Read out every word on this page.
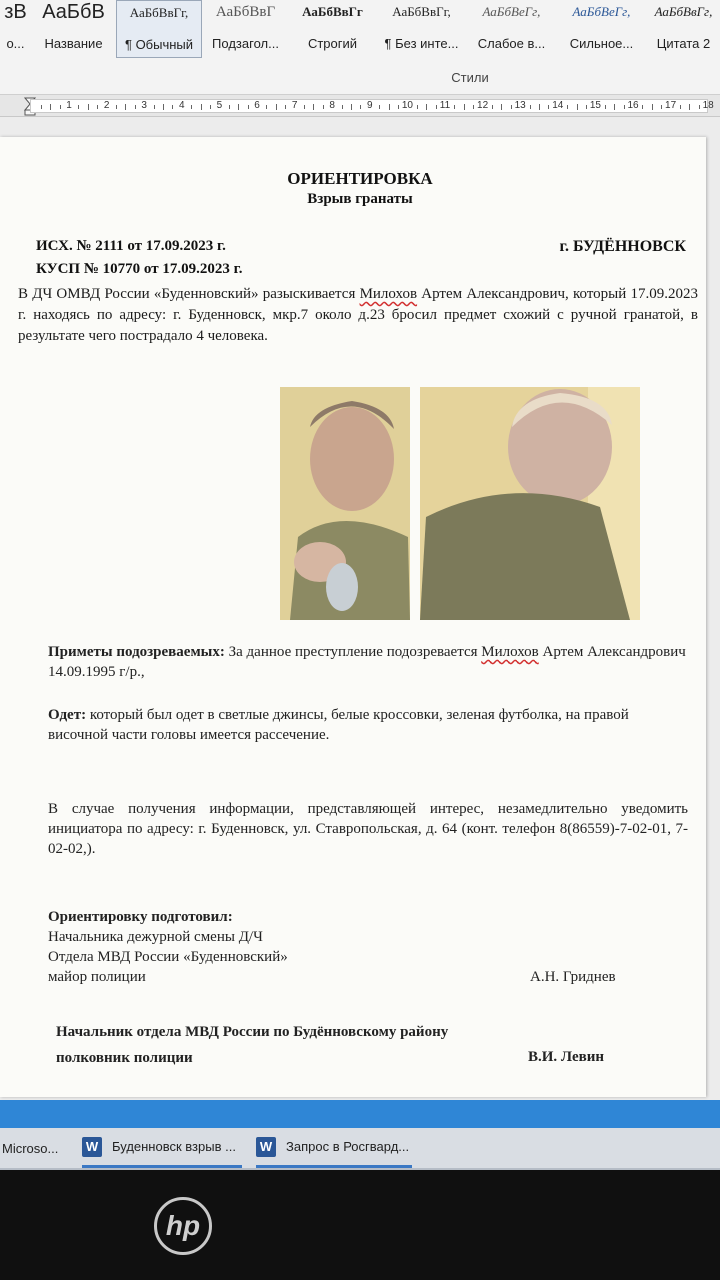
зВ
о...
АаБбВ
Название
АаБбВвГг,
¶ Обычный
АаБбВвГ
Подзагол...
АаБбВвГг
Строгий
АаБбВвГг,
¶ Без инте...
АаБбВеГг,
Слабое в...
АаБбВеГг,
Сильное...
АаБбВвГг,
Цитата 2
Стили
1	2	3	4	5	6	7	8	9	10	11	12	13	14	15	16	17	18
ОРИЕНТИРОВКА
Взрыв гранаты
ИСХ. № 2111 от 17.09.2023 г.
КУСП № 10770 от 17.09.2023 г.
г. БУДЁННОВСК
В ДЧ ОМВД России «Буденновский» разыскивается Милохов Артем Александрович, который 17.09.2023 г. находясь по адресу: г. Буденновск, мкр.7 около д.23 бросил предмет схожий с ручной гранатой, в результате чего пострадало 4 человека.
Приметы подозреваемых: За данное преступление подозревается Милохов Артем Александрович 14.09.1995 г/р.,
Одет: который был одет в светлые джинсы, белые кроссовки, зеленая футболка, на правой височной части головы имеется рассечение.
В случае получения информации, представляющей интерес, незамедлительно уведомить инициатора по адресу: г. Буденновск, ул. Ставропольская, д. 64 (конт. телефон 8(86559)-7-02-01, 7-02-02,).
Ориентировку подготовил:
Начальника дежурной смены Д/Ч
Отдела МВД России «Буденновский»
майор полиции	А.Н. Гриднев
Начальник отдела МВД России по Будённовскому району
полковник полиции	В.И. Левин
Microso... W Буденновск взрыв ... W Запрос в Росгвард...
hp
